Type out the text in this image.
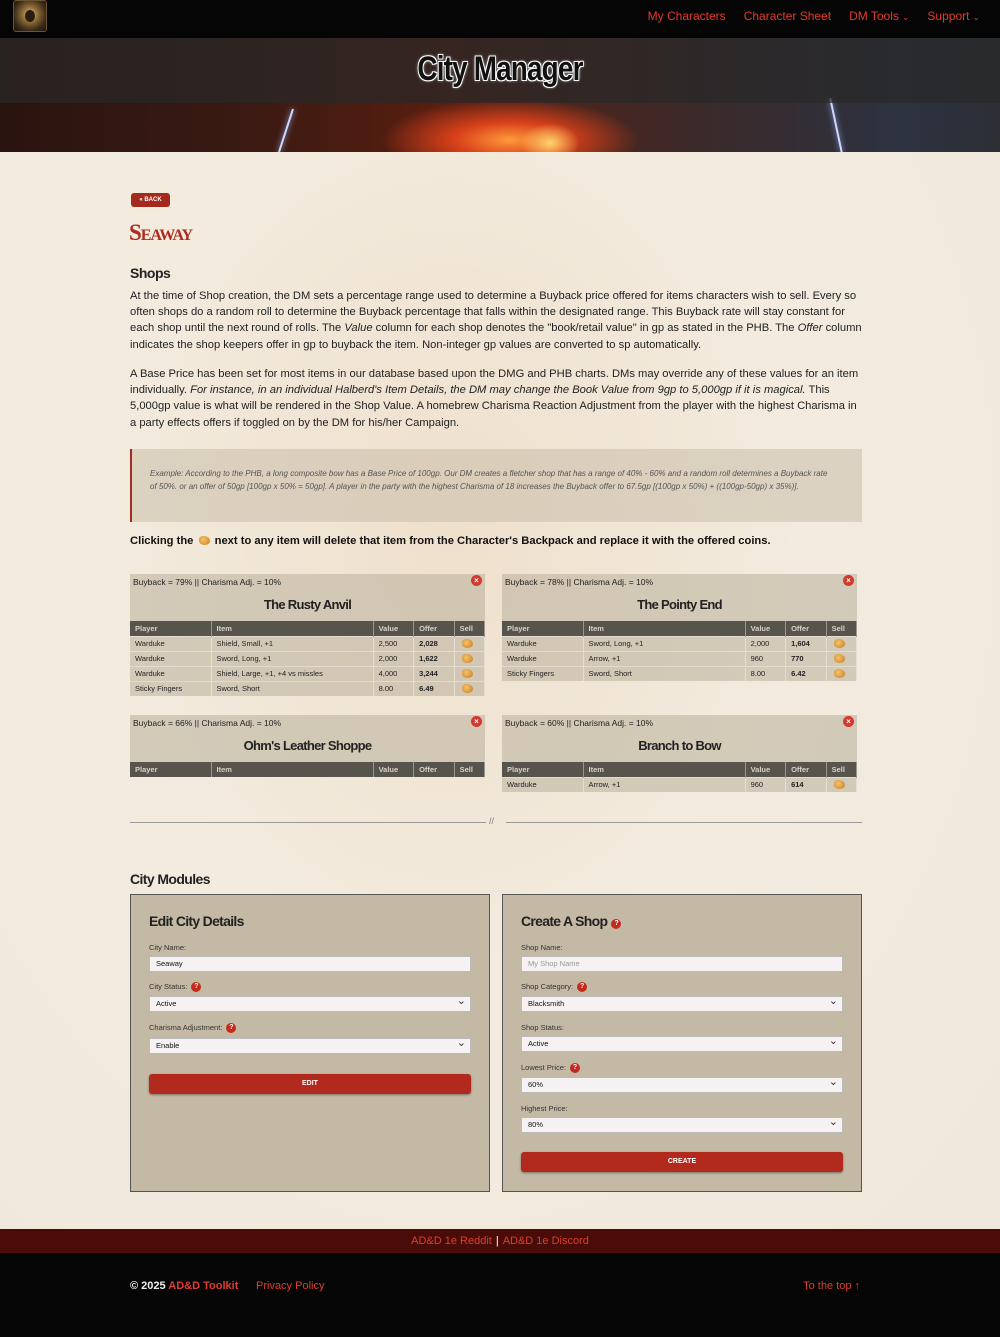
My Characters Character Sheet DM Tools ⌄ Support ⌄
City Manager
« BACK
Seaway
Shops
At the time of Shop creation, the DM sets a percentage range used to determine a Buyback price offered for items characters wish to sell. Every so often shops do a random roll to determine the Buyback percentage that falls within the designated range. This Buyback rate will stay constant for each shop until the next round of rolls. The Value column for each shop denotes the "book/retail value" in gp as stated in the PHB. The Offer column indicates the shop keepers offer in gp to buyback the item. Non-integer gp values are converted to sp automatically.
A Base Price has been set for most items in our database based upon the DMG and PHB charts. DMs may override any of these values for an item individually. For instance, in an individual Halberd's Item Details, the DM may change the Book Value from 9gp to 5,000gp if it is magical. This 5,000gp value is what will be rendered in the Shop Value. A homebrew Charisma Reaction Adjustment from the player with the highest Charisma in a party effects offers if toggled on by the DM for his/her Campaign.
Example: According to the PHB, a long composite bow has a Base Price of 100gp. Our DM creates a fletcher shop that has a range of 40% - 60% and a random roll determines a Buyback rate of 50%. or an offer of 50gp [100gp x 50% = 50gp]. A player in the party with the highest Charisma of 18 increases the Buyback offer to 67.5gp [(100gp x 50%) + ((100gp-50gp) x 35%)].
Clicking the  next to any item will delete that item from the Character's Backpack and replace it with the offered coins.
Buyback = 79% || Charisma Adj. = 10%	×
The Rusty Anvil
Player	Item	Value	Offer	Sell
Warduke	Shield, Small, +1	2,500	2,028	
Warduke	Sword, Long, +1	2,000	1,622	
Warduke	Shield, Large, +1, +4 vs missles	4,000	3,244	
Sticky Fingers	Sword, Short	8.00	6.49	
Buyback = 78% || Charisma Adj. = 10%	×
The Pointy End
Player	Item	Value	Offer	Sell
Warduke	Sword, Long, +1	2,000	1,604	
Warduke	Arrow, +1	960	770	
Sticky Fingers	Sword, Short	8.00	6.42	
Buyback = 66% || Charisma Adj. = 10%	×
Ohm's Leather Shoppe
Player	Item	Value	Offer	Sell
Buyback = 60% || Charisma Adj. = 10%	×
Branch to Bow
Player	Item	Value	Offer	Sell
Warduke	Arrow, +1	960	614	
//
City Modules
Edit City Details
City Name:
Seaway
City Status: ?
Active ⌄
Charisma Adjustment: ?
Enable ⌄
EDIT
Create A Shop ?
Shop Name:
My Shop Name
Shop Category: ?
Blacksmith ⌄
Shop Status:
Active ⌄
Lowest Price: ?
60% ⌄
Highest Price:
80% ⌄
CREATE
AD&D 1e Reddit | AD&D 1e Discord
© 2025 AD&D Toolkit Privacy Policy	To the top ↑
